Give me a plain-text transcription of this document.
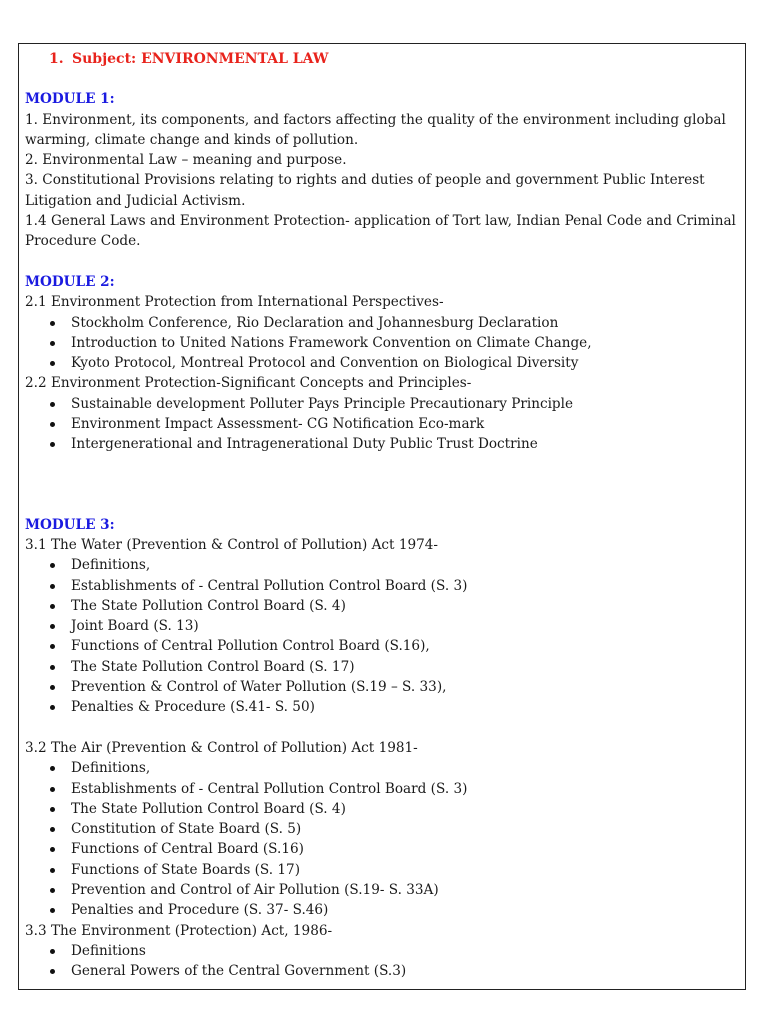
1. Subject: ENVIRONMENTAL LAW
MODULE 1:
1. Environment, its components, and factors affecting the quality of the environment including global
warming, climate change and kinds of pollution.
2. Environmental Law – meaning and purpose.
3. Constitutional Provisions relating to rights and duties of people and government Public Interest
Litigation and Judicial Activism.
1.4 General Laws and Environment Protection- application of Tort law, Indian Penal Code and Criminal
Procedure Code.
MODULE 2:
2.1 Environment Protection from International Perspectives-
Stockholm Conference, Rio Declaration and Johannesburg Declaration
Introduction to United Nations Framework Convention on Climate Change,
Kyoto Protocol, Montreal Protocol and Convention on Biological Diversity
2.2 Environment Protection-Significant Concepts and Principles-
Sustainable development Polluter Pays Principle Precautionary Principle
Environment Impact Assessment- CG Notification Eco-mark
Intergenerational and Intragenerational Duty Public Trust Doctrine
MODULE 3:
3.1 The Water (Prevention & Control of Pollution) Act 1974-
Definitions,
Establishments of - Central Pollution Control Board (S. 3)
The State Pollution Control Board (S. 4)
Joint Board (S. 13)
Functions of Central Pollution Control Board (S.16),
The State Pollution Control Board (S. 17)
Prevention & Control of Water Pollution (S.19 – S. 33),
Penalties & Procedure (S.41- S. 50)
3.2 The Air (Prevention & Control of Pollution) Act 1981-
Definitions,
Establishments of - Central Pollution Control Board (S. 3)
The State Pollution Control Board (S. 4)
Constitution of State Board (S. 5)
Functions of Central Board (S.16)
Functions of State Boards (S. 17)
Prevention and Control of Air Pollution (S.19- S. 33A)
Penalties and Procedure (S. 37- S.46)
3.3 The Environment (Protection) Act, 1986-
Definitions
General Powers of the Central Government (S.3)
